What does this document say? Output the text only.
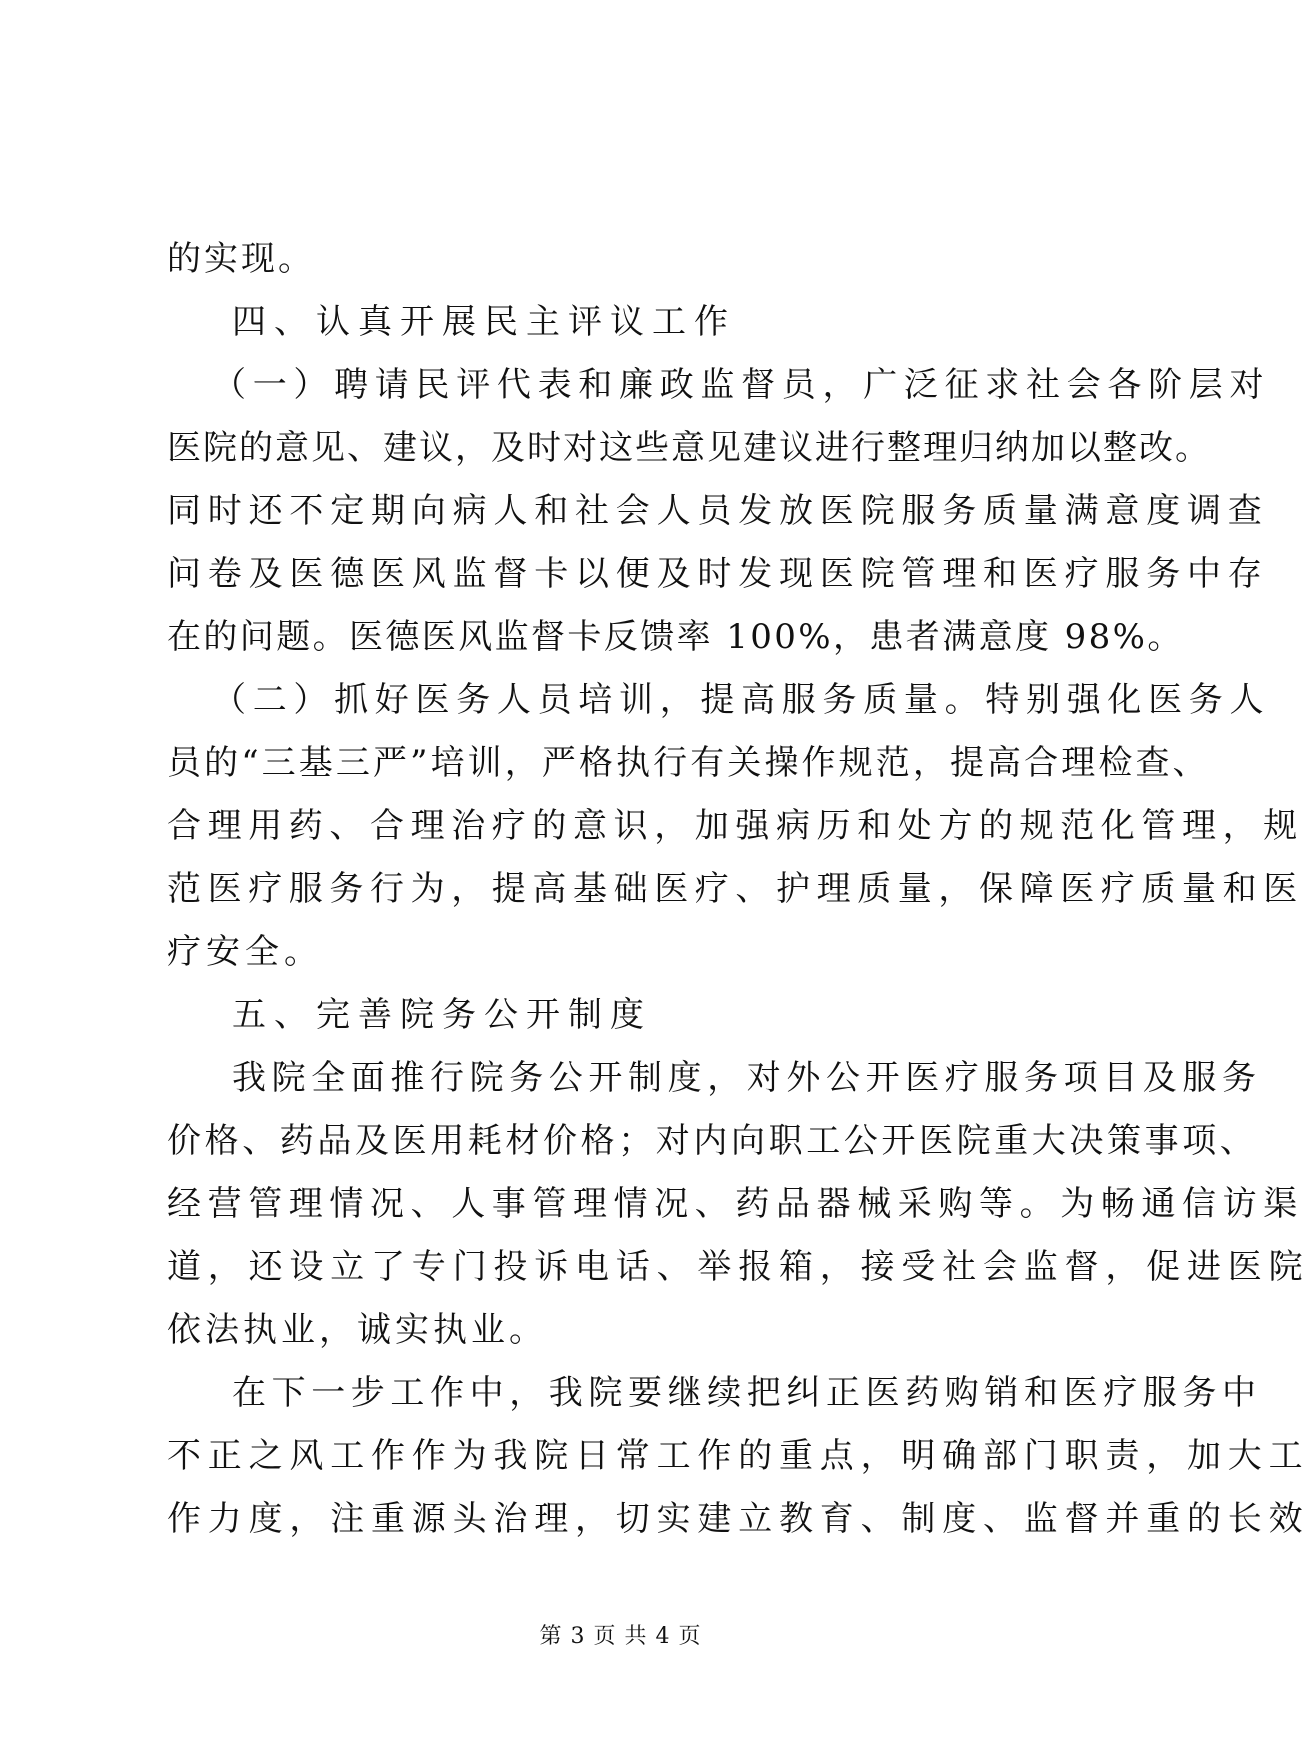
的实现。
四、认真开展民主评议工作
（一）聘请民评代表和廉政监督员，广泛征求社会各阶层对
医院的意见、建议，及时对这些意见建议进行整理归纳加以整改。
同时还不定期向病人和社会人员发放医院服务质量满意度调查
问卷及医德医风监督卡以便及时发现医院管理和医疗服务中存
在的问题。医德医风监督卡反馈率 100%，患者满意度 98%。
（二）抓好医务人员培训，提高服务质量。特别强化医务人
员的“三基三严”培训，严格执行有关操作规范，提高合理检查、
合理用药、合理治疗的意识，加强病历和处方的规范化管理，规
范医疗服务行为，提高基础医疗、护理质量，保障医疗质量和医
疗安全。
五、完善院务公开制度
我院全面推行院务公开制度，对外公开医疗服务项目及服务
价格、药品及医用耗材价格；对内向职工公开医院重大决策事项、
经营管理情况、人事管理情况、药品器械采购等。为畅通信访渠
道，还设立了专门投诉电话、举报箱，接受社会监督，促进医院
依法执业，诚实执业。
在下一步工作中，我院要继续把纠正医药购销和医疗服务中
不正之风工作作为我院日常工作的重点，明确部门职责，加大工
作力度，注重源头治理，切实建立教育、制度、监督并重的长效
第 3 页 共 4 页
